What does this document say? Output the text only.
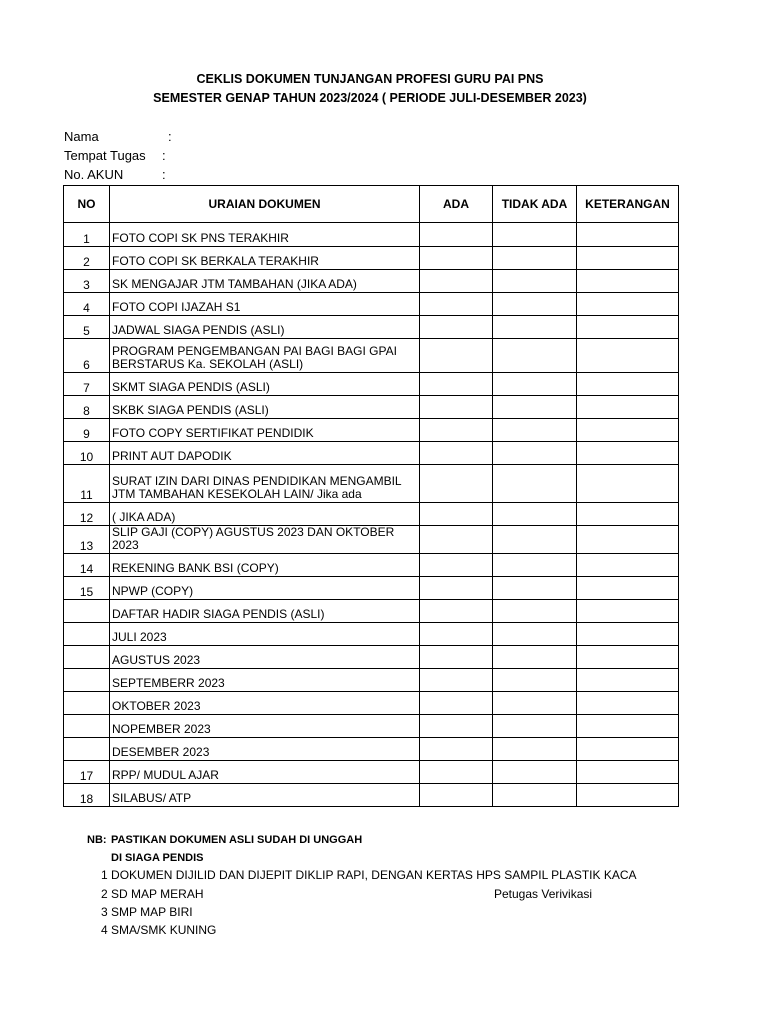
CEKLIS DOKUMEN TUNJANGAN PROFESI GURU PAI PNS
SEMESTER GENAP TAHUN 2023/2024 ( PERIODE JULI-DESEMBER 2023)
Nama	:
Tempat Tugas :
No. AKUN	:
NO	URAIAN DOKUMEN	ADA	TIDAK ADA	KETERANGAN
1	FOTO COPI SK PNS TERAKHIR			
2	FOTO COPI SK BERKALA TERAKHIR			
3	SK MENGAJAR JTM TAMBAHAN (JIKA ADA)			
4	FOTO COPI IJAZAH S1			
5	JADWAL SIAGA PENDIS (ASLI)			
6	PROGRAM PENGEMBANGAN PAI BAGI BAGI GPAI BERSTARUS Ka. SEKOLAH (ASLI)			
7	SKMT SIAGA PENDIS (ASLI)			
8	SKBK SIAGA PENDIS (ASLI)			
9	FOTO COPY SERTIFIKAT PENDIDIK			
10	PRINT AUT DAPODIK			
11	SURAT IZIN DARI DINAS PENDIDIKAN MENGAMBIL JTM TAMBAHAN KESEKOLAH LAIN/ Jika ada			
12	( JIKA ADA)			
13	SLIP GAJI (COPY) AGUSTUS 2023 DAN OKTOBER 2023			
14	REKENING BANK BSI (COPY)			
15	NPWP (COPY)			
	DAFTAR HADIR SIAGA PENDIS (ASLI)			
	JULI 2023			
	AGUSTUS 2023			
	SEPTEMBERR 2023			
	OKTOBER 2023			
	NOPEMBER 2023			
	DESEMBER 2023			
17	RPP/ MUDUL AJAR			
18	SILABUS/ ATP			
NB: PASTIKAN DOKUMEN ASLI SUDAH DI UNGGAH
DI SIAGA PENDIS
1 DOKUMEN DIJILID DAN DIJEPIT DIKLIP RAPI, DENGAN KERTAS HPS SAMPIL PLASTIK KACA
2 SD MAP MERAH	Petugas Verivikasi
3 SMP MAP BIRI
4 SMA/SMK KUNING
